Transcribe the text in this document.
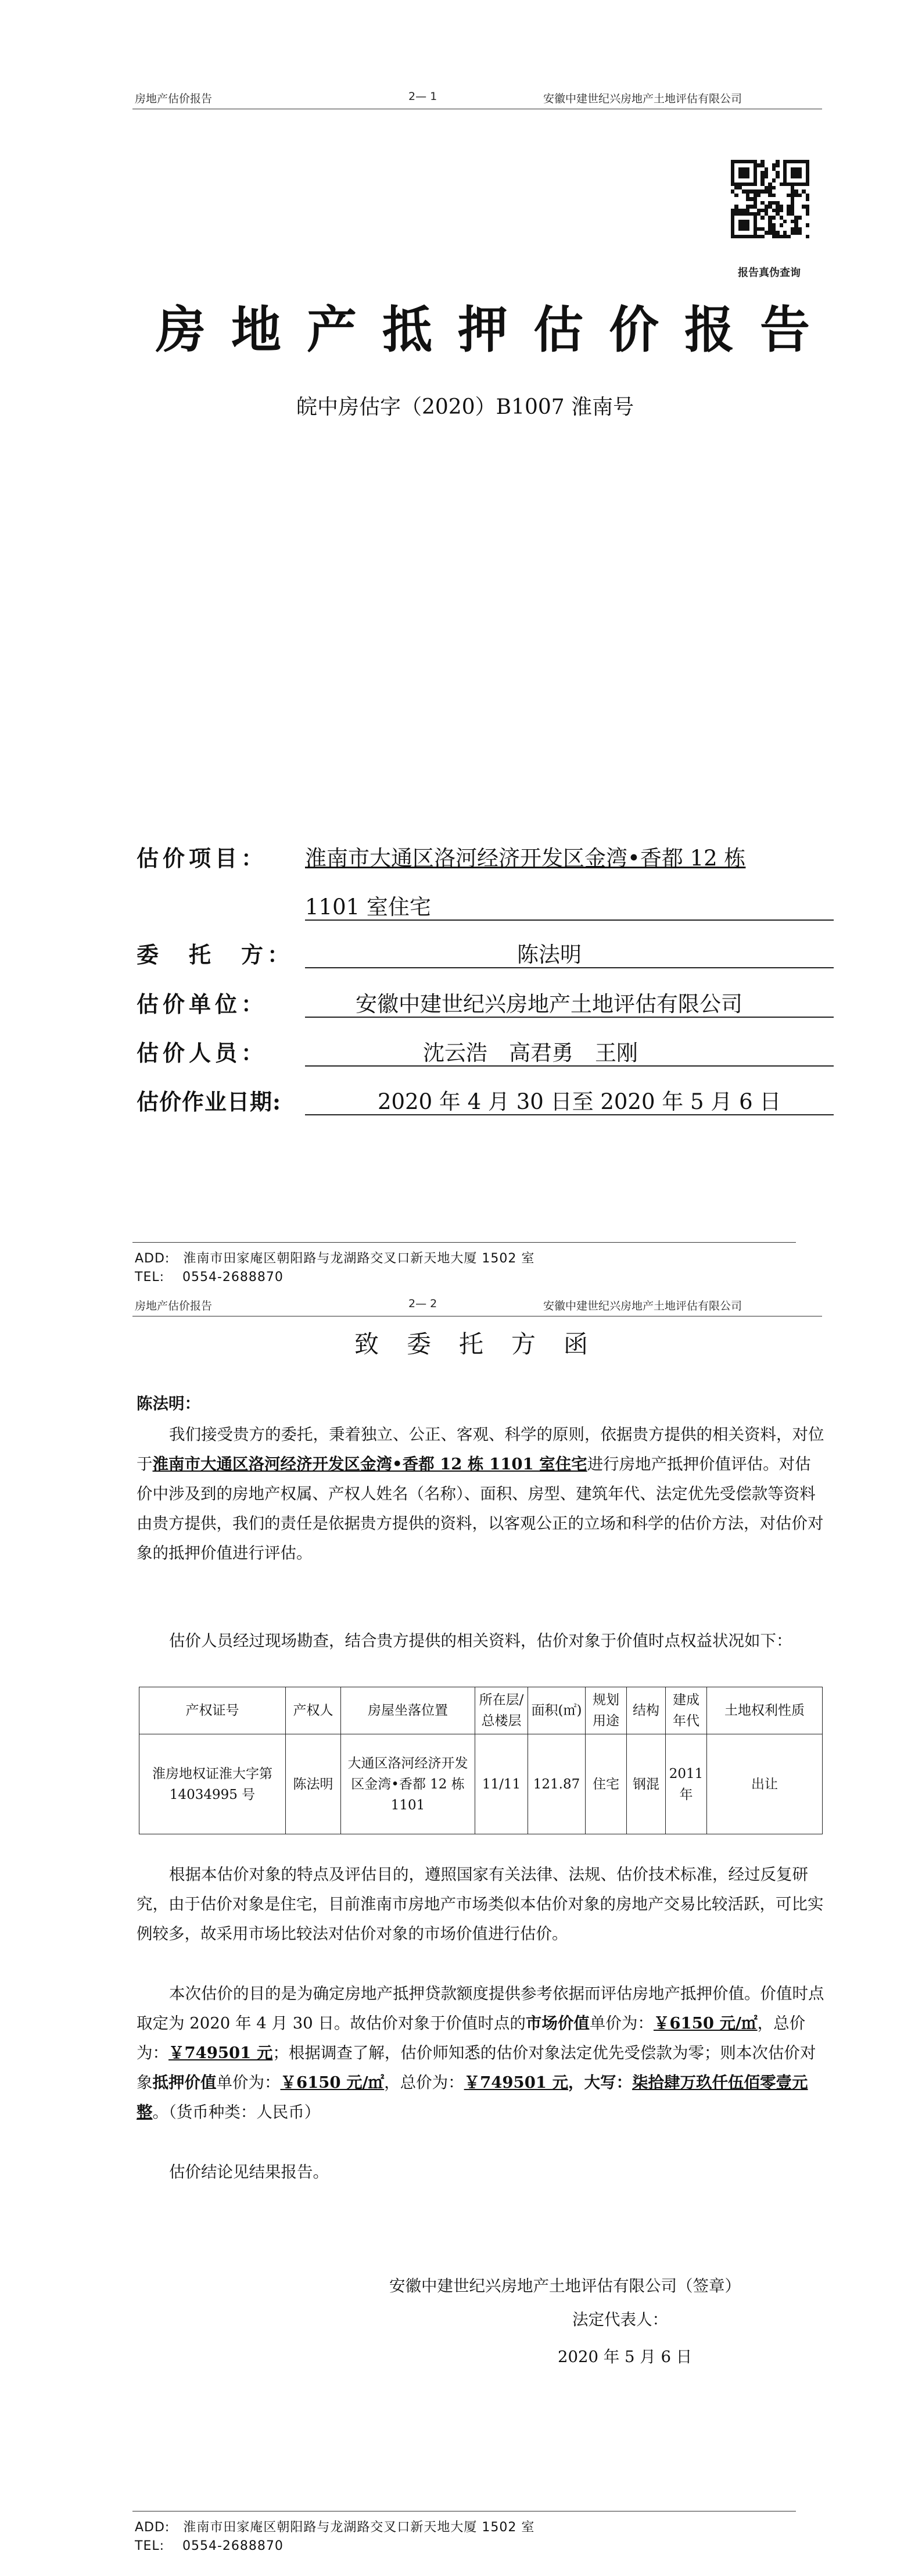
房地产估价报告	2— 1	安徽中建世纪兴房地产土地评估有限公司
报告真伪查询
房地产抵押估价报告
皖中房估字（2020）B1007 淮南号
估价项目： 淮南市大通区洛河经济开发区金湾•香都 12 栋
1101 室住宅
委　托　方：	陈法明
估价单位：	安徽中建世纪兴房地产土地评估有限公司
估价人员：	沈云浩　高君勇　王刚
估价作业日期:	2020 年 4 月 30 日至 2020 年 5 月 6 日
ADD:　淮南市田家庵区朝阳路与龙湖路交叉口新天地大厦 1502 室
TEL:　 0554-2688870
房地产估价报告	2— 2	安徽中建世纪兴房地产土地评估有限公司
致委托方函
陈法明：
我们接受贵方的委托，秉着独立、公正、客观、科学的原则，依据贵方提供的相关资料，对位于淮南市大通区洛河经济开发区金湾•香都 12 栋 1101 室住宅进行房地产抵押价值评估。对估价中涉及到的房地产权属、产权人姓名（名称）、面积、房型、建筑年代、法定优先受偿款等资料由贵方提供，我们的责任是依据贵方提供的资料，以客观公正的立场和科学的估价方法，对估价对象的抵押价值进行评估。
估价人员经过现场勘查，结合贵方提供的相关资料，估价对象于价值时点权益状况如下：
产权证号	产权人	房屋坐落位置	所在层/总楼层	面积(㎡)	规划用途	结构	建成年代	土地权利性质
淮房地权证淮大字第14034995 号	陈法明	大通区洛河经济开发区金湾•香都 12 栋 1101	11/11	121.87	住宅	钢混	2011 年	出让
根据本估价对象的特点及评估目的，遵照国家有关法律、法规、估价技术标准，经过反复研究，由于估价对象是住宅，目前淮南市房地产市场类似本估价对象的房地产交易比较活跃，可比实例较多，故采用市场比较法对估价对象的市场价值进行估价。
本次估价的目的是为确定房地产抵押贷款额度提供参考依据而评估房地产抵押价值。价值时点取定为 2020 年 4 月 30 日。故估价对象于价值时点的市场价值单价为：￥6150 元/㎡，总价为：￥749501 元；根据调查了解，估价师知悉的估价对象法定优先受偿款为零；则本次估价对象抵押价值单价为：￥6150 元/㎡，总价为：￥749501 元，大写：柒拾肆万玖仟伍佰零壹元整。（货币种类：人民币）
估价结论见结果报告。
安徽中建世纪兴房地产土地评估有限公司（签章）
法定代表人：
2020 年 5 月 6 日
ADD:　淮南市田家庵区朝阳路与龙湖路交叉口新天地大厦 1502 室
TEL:　 0554-2688870
